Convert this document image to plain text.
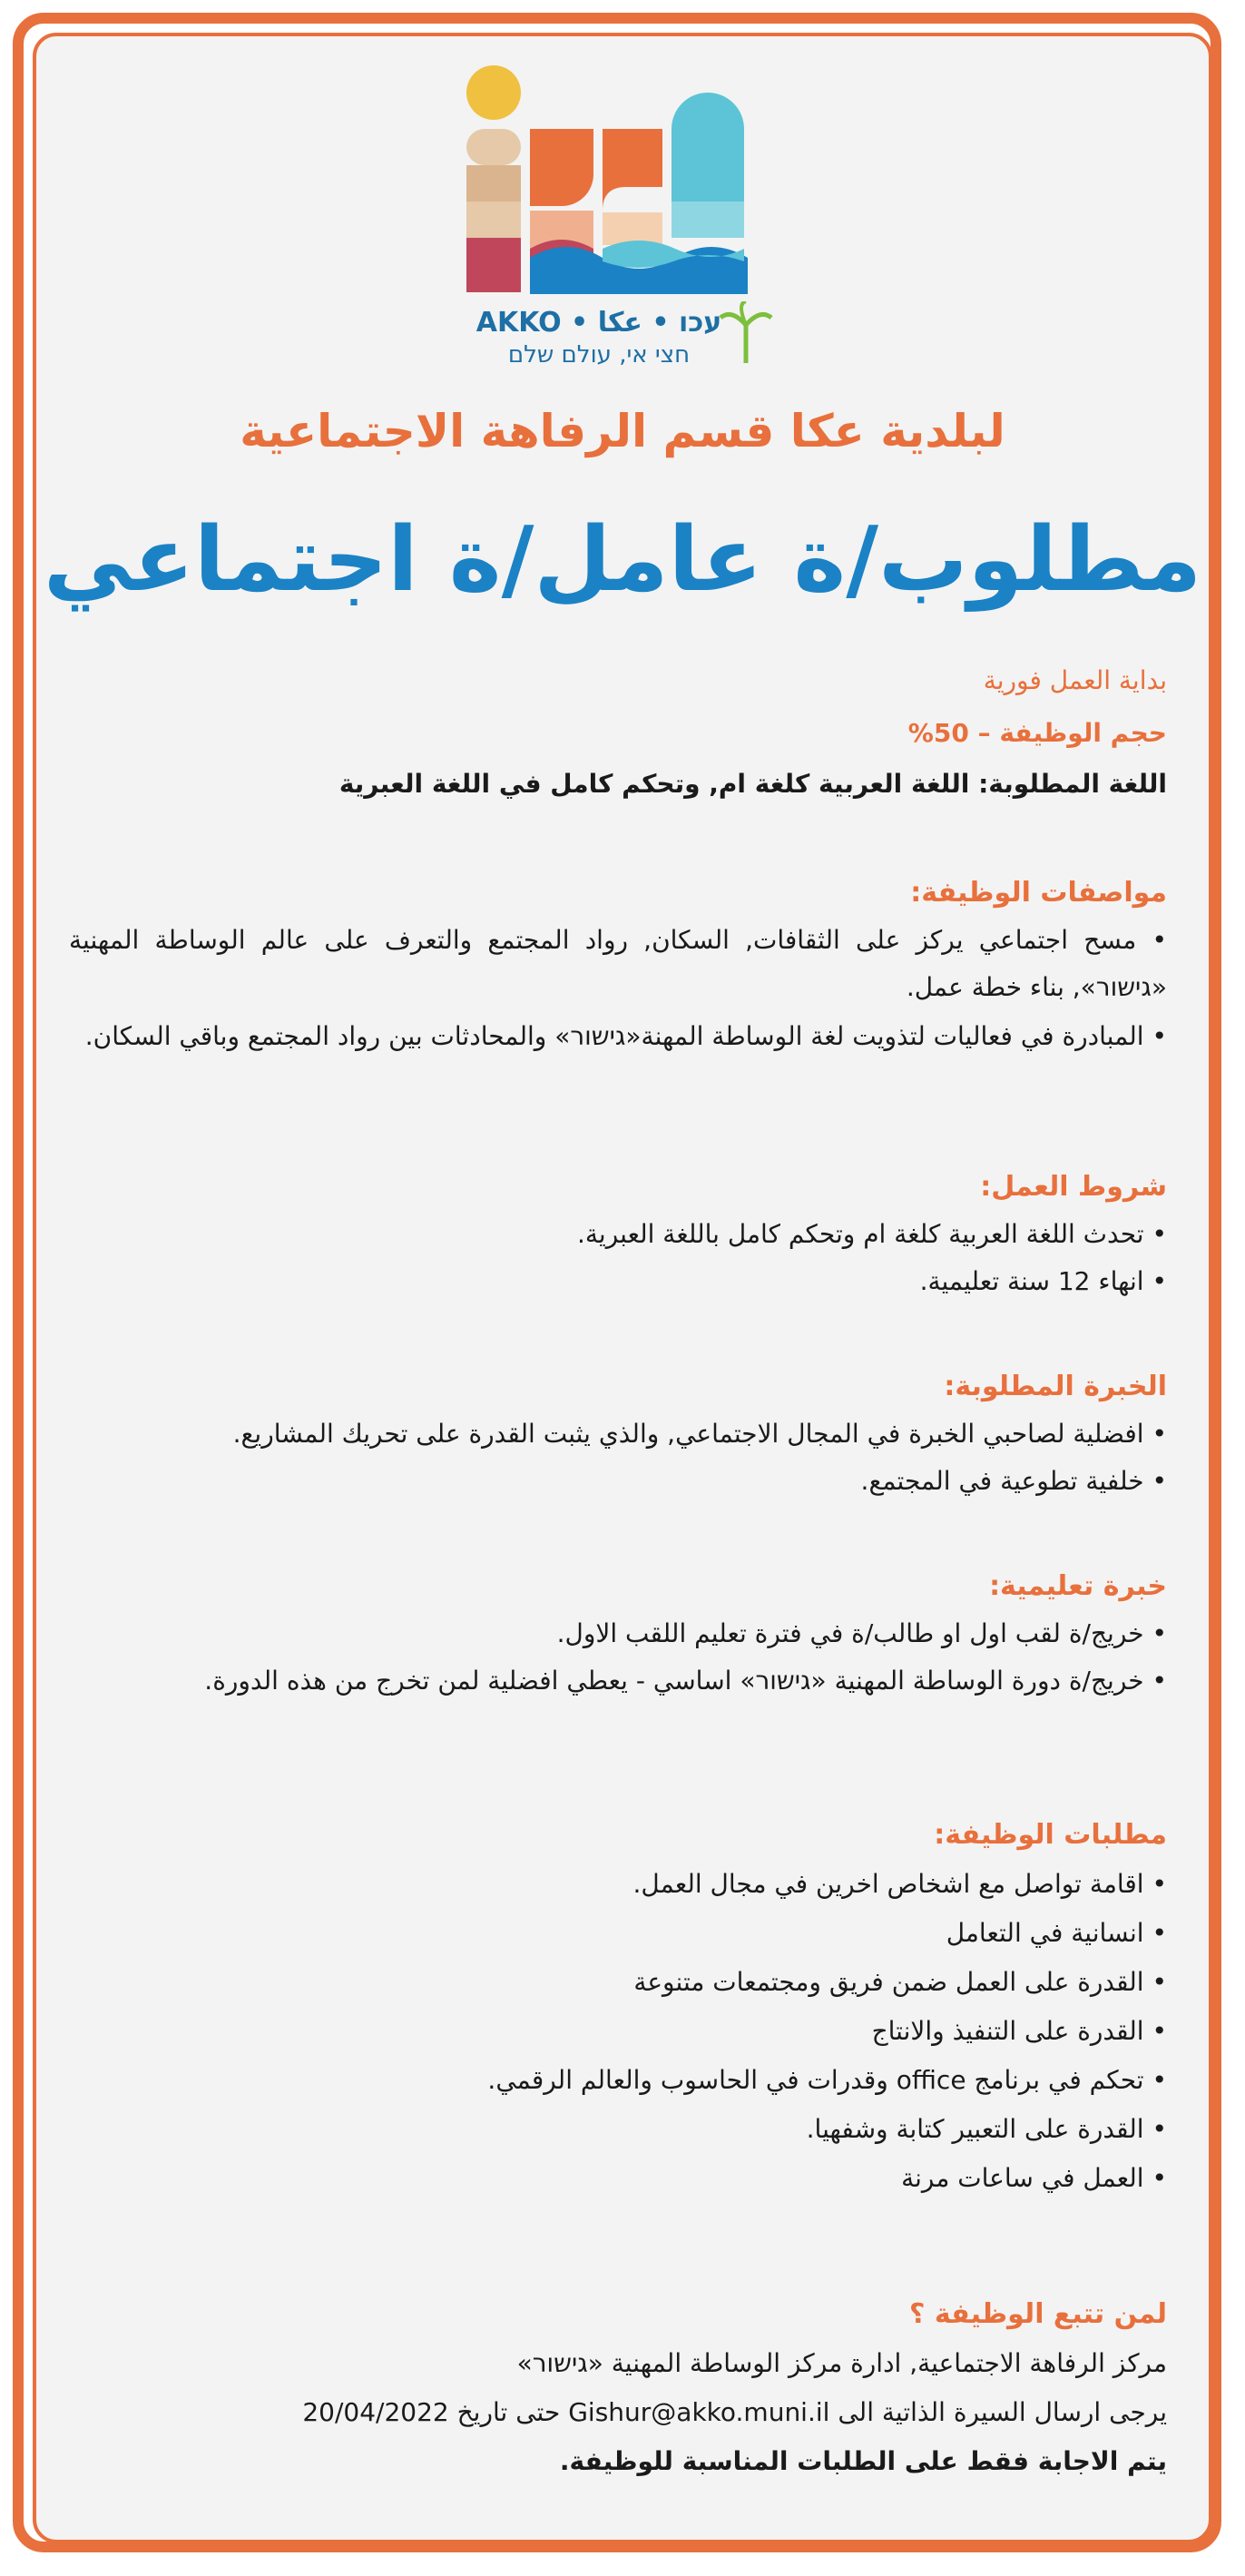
AKKO • עכו • عكا
חצי אי, עולם שלם
لبلدية عكا قسم الرفاهة الاجتماعية
مطلوب/ة عامل/ة اجتماعي
بداية العمل فورية
حجم الوظيفة – 50%
اللغة المطلوبة: اللغة العربية كلغة ام, وتحكم كامل في اللغة العبرية
مواصفات الوظيفة:
• مسح اجتماعي يركز على الثقافات, السكان, رواد المجتمع والتعرف على عالم الوساطة المهنية «גישור», بناء خطة عمل.
• المبادرة في فعاليات لتذويت لغة الوساطة المهنة«גישור» والمحادثات بين رواد المجتمع وباقي السكان.
شروط العمل:
• تحدث اللغة العربية كلغة ام وتحكم كامل باللغة العبرية.
• انهاء 12 سنة تعليمية.
الخبرة المطلوبة:
• افضلية لصاحبي الخبرة في المجال الاجتماعي, والذي يثبت القدرة على تحريك المشاريع.
• خلفية تطوعية في المجتمع.
خبرة تعليمية:
• خريج/ة لقب اول او طالب/ة في فترة تعليم اللقب الاول.
• خريج/ة دورة الوساطة المهنية «גישור» اساسي - يعطي افضلية لمن تخرج من هذه الدورة.
مطلبات الوظيفة:
• اقامة تواصل مع اشخاص اخرين في مجال العمل.
• انسانية في التعامل
• القدرة على العمل ضمن فريق ومجتمعات متنوعة
• القدرة على التنفيذ والانتاج
• تحكم في برنامج office وقدرات في الحاسوب والعالم الرقمي.
• القدرة على التعبير كتابة وشفهيا.
• العمل في ساعات مرنة
لمن تتبع الوظيفة ؟
مركز الرفاهة الاجتماعية, ادارة مركز الوساطة المهنية «גישור»
يرجى ارسال السيرة الذاتية الى Gishur@akko.muni.il حتى تاريخ 20/04/2022
يتم الاجابة فقط على الطلبات المناسبة للوظيفة.
